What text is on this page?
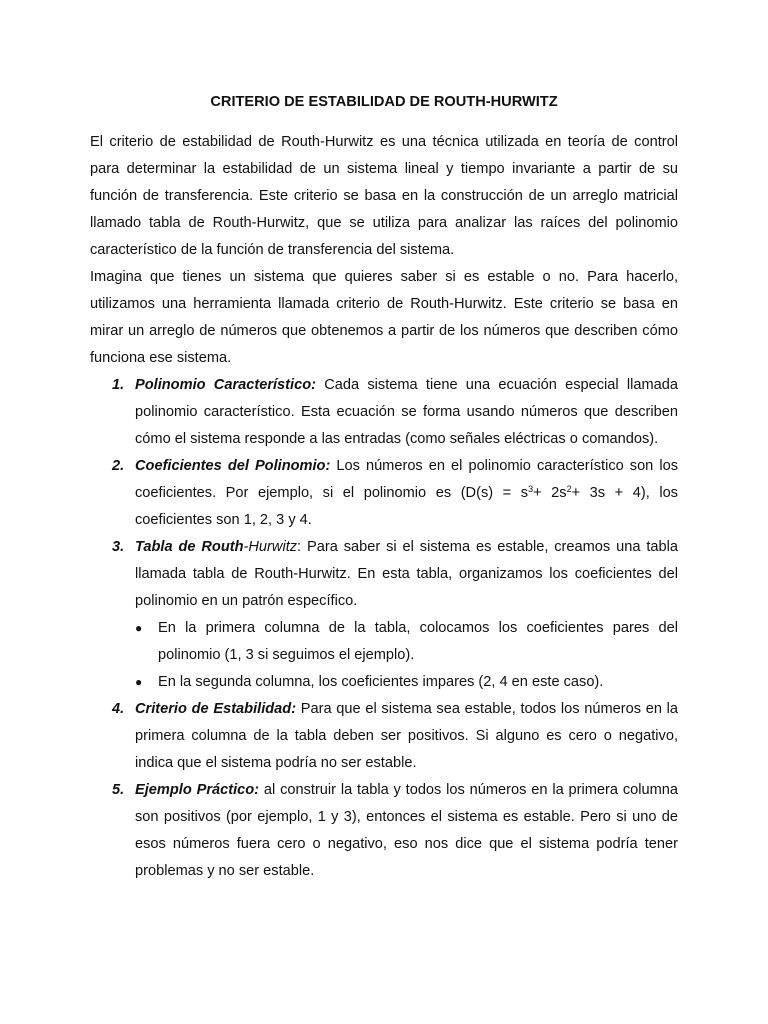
CRITERIO DE ESTABILIDAD DE ROUTH-HURWITZ

El criterio de estabilidad de Routh-Hurwitz es una técnica utilizada en teoría de control para determinar la estabilidad de un sistema lineal y tiempo invariante a partir de su función de transferencia. Este criterio se basa en la construcción de un arreglo matricial llamado tabla de Routh-Hurwitz, que se utiliza para analizar las raíces del polinomio característico de la función de transferencia del sistema.

Imagina que tienes un sistema que quieres saber si es estable o no. Para hacerlo, utilizamos una herramienta llamada criterio de Routh-Hurwitz. Este criterio se basa en mirar un arreglo de números que obtenemos a partir de los números que describen cómo funciona ese sistema.

1. Polinomio Característico: Cada sistema tiene una ecuación especial llamada polinomio característico. Esta ecuación se forma usando números que describen cómo el sistema responde a las entradas (como señales eléctricas o comandos).
2. Coeficientes del Polinomio: Los números en el polinomio característico son los coeficientes. Por ejemplo, si el polinomio es $(D(s) = s^3+ 2s^2+ 3s + 4)$, los coeficientes son 1, 2, 3 y 4.
3. Tabla de Routh-Hurwitz: Para saber si el sistema es estable, creamos una tabla llamada tabla de Routh-Hurwitz. En esta tabla, organizamos los coeficientes del polinomio en un patrón específico.
● En la primera columna de la tabla, colocamos los coeficientes pares del polinomio (1, 3 si seguimos el ejemplo).
● En la segunda columna, los coeficientes impares (2, 4 en este caso).
4. Criterio de Estabilidad: Para que el sistema sea estable, todos los números en la primera columna de la tabla deben ser positivos. Si alguno es cero o negativo, indica que el sistema podría no ser estable.
5. Ejemplo Práctico: al construir la tabla y todos los números en la primera columna son positivos (por ejemplo, 1 y 3), entonces el sistema es estable. Pero si uno de esos números fuera cero o negativo, eso nos dice que el sistema podría tener problemas y no ser estable.
